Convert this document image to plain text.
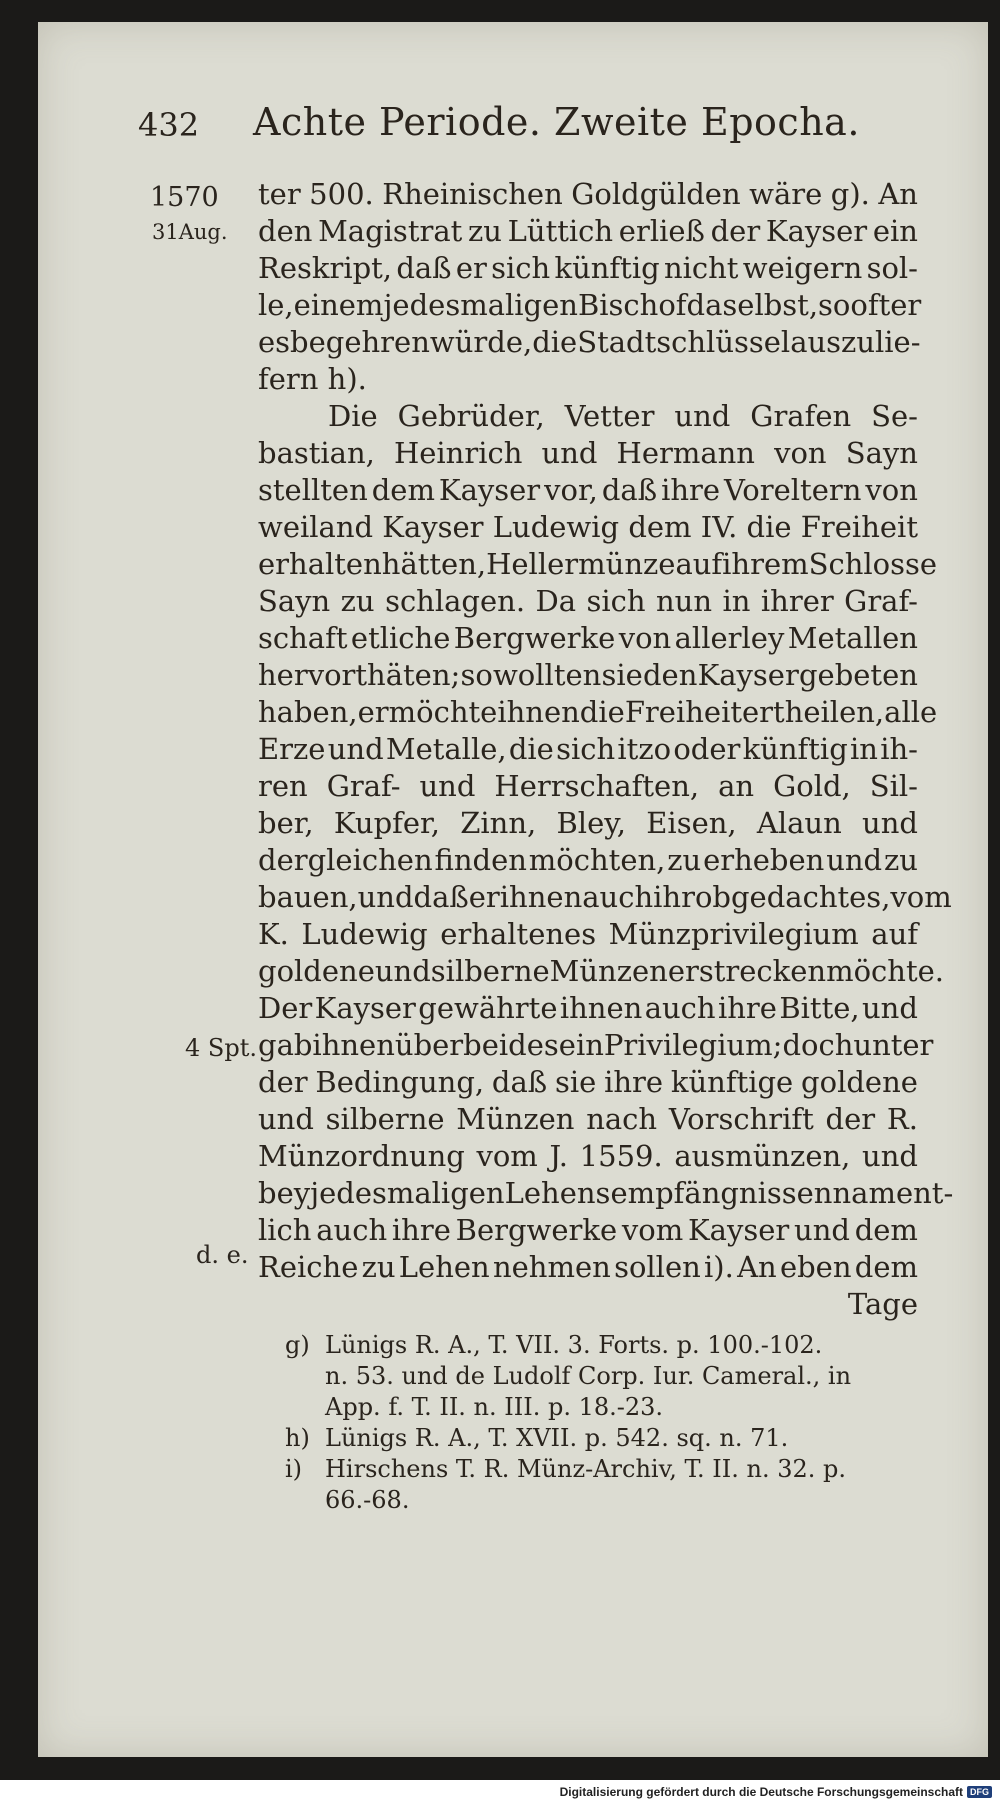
432 Achte Periode. Zweite Epocha.
1570
31Aug.
4 Spt.
d. e.
ter 500. Rheinischen Goldgülden wäre g). An
den Magistrat zu Lüttich erließ der Kayser ein
Reskript, daß er sich künftig nicht weigern sol-
le, einem jedesmaligen Bischof daselbst, so oft er
es begehren würde, die Stadtschlüssel auszulie-
fern h).
Die Gebrüder, Vetter und Grafen Se-
bastian, Heinrich und Hermann von Sayn
stellten dem Kayser vor, daß ihre Voreltern von
weiland Kayser Ludewig dem IV. die Freiheit
erhalten hätten, Hellermünze auf ihrem Schlosse
Sayn zu schlagen. Da sich nun in ihrer Graf-
schaft etliche Bergwerke von allerley Metallen
hervorthäten; so wollten sie den Kayser gebeten
haben, er möchte ihnen die Freiheit ertheilen, alle
Erze und Metalle, die sich itzo oder künftig in ih-
ren Graf- und Herrschaften, an Gold, Sil-
ber, Kupfer, Zinn, Bley, Eisen, Alaun und
dergleichen finden möchten, zu erheben und zu
bauen, und daß er ihnen auch ihr obgedachtes, vom
K. Ludewig erhaltenes Münzprivilegium auf
goldene und silberne Münzen erstrecken möchte.
Der Kayser gewährte ihnen auch ihre Bitte, und
gab ihnen über beides ein Privilegium; doch unter
der Bedingung, daß sie ihre künftige goldene
und silberne Münzen nach Vorschrift der R.
Münzordnung vom J. 1559. ausmünzen, und
bey jedesmaligen Lehensempfängnissen nament-
lich auch ihre Bergwerke vom Kayser und dem
Reiche zu Lehen nehmen sollen i). An eben dem
Tage
g) Lünigs R. A., T. VII. 3. Forts. p. 100.-102.
n. 53. und de Ludolf Corp. Iur. Cameral., in
App. f. T. II. n. III. p. 18.-23.
h) Lünigs R. A., T. XVII. p. 542. sq. n. 71.
i) Hirschens T. R. Münz-Archiv, T. II. n. 32. p.
66.-68.
Digitalisierung gefördert durch die Deutsche Forschungsgemeinschaft DFG
